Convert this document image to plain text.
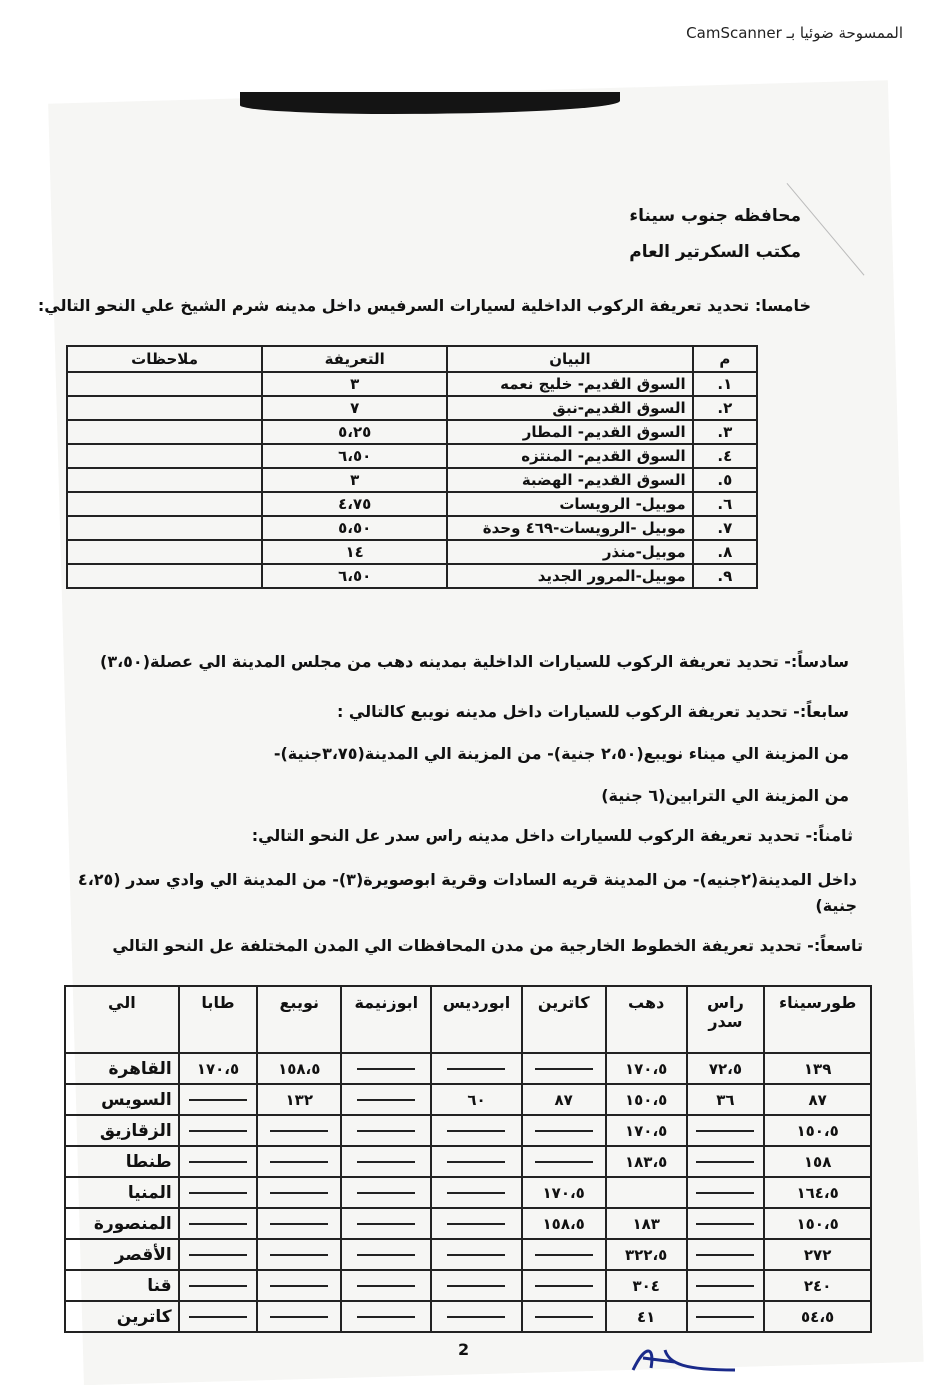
الممسوحة ضوئيا بـ CamScanner
محافظه جنوب سيناء
مكتب السكرتير العام
خامسا: تحديد تعريفة الركوب الداخلية لسيارات السرفيس داخل مدينه شرم الشيخ علي النحو التالي:
م	البيان	التعريفة	ملاحظات
١.	السوق القديم- خليج نعمه	٣	
٢.	السوق القديم-نبق	٧	
٣.	السوق القديم- المطار	٥،٢٥	
٤.	السوق القديم- المنتزه	٦،٥٠	
٥.	السوق القديم- الهضبة	٣	
٦.	موبيل- الرويسات	٤،٧٥	
٧.	موبيل -الرويسات-٤٦٩ وحدة	٥،٥٠	
٨.	موبيل-منذر	١٤	
٩.	موبيل-المرور الجديد	٦،٥٠	
سادساً:- تحديد تعريفة الركوب للسيارات الداخلية بمدينه دهب من مجلس المدينة الي عصلة(٣،٥٠)
سابعاً:- تحديد تعريفة الركوب للسيارات داخل مدينه نويبع كالتالي :
من المزينة الي ميناء نويبع(٢،٥٠ جنية)- من المزينة الي المدينة(٣،٧٥جنية)-
من المزينة الي الترابين(٦ جنية)
ثامناً:- تحديد تعريفة الركوب للسيارات داخل مدينه راس سدر عل النحو التالي:
داخل المدينة(٢جنيه)- من المدينة قريه السادات وقرية ابوصويرة(٣)- من المدينة الي وادي سدر (٤،٢٥
جنية)
تاسعاً:- تحديد تعريفة الخطوط الخارجية من مدن المحافظات الي المدن المختلفة عل النحو التالي
طورسيناء	راس سدر	دهب	كاترين	ابورديس	ابوزنيمة	نويبع	طابا	الي
١٣٩	٧٢،٥	١٧٠،٥				١٥٨،٥	١٧٠،٥	القاهرة
٨٧	٣٦	١٥٠،٥	٨٧	٦٠		١٣٢		السويس
١٥٠،٥		١٧٠،٥						الزقازيق
١٥٨		١٨٣،٥						طنطا
١٦٤،٥			١٧٠،٥					المنيا
١٥٠،٥		١٨٣	١٥٨،٥					المنصورة
٢٧٢		٣٢٢،٥						الأقصر
٢٤٠		٣٠٤						قنا
٥٤،٥		٤١						كاترين
2
